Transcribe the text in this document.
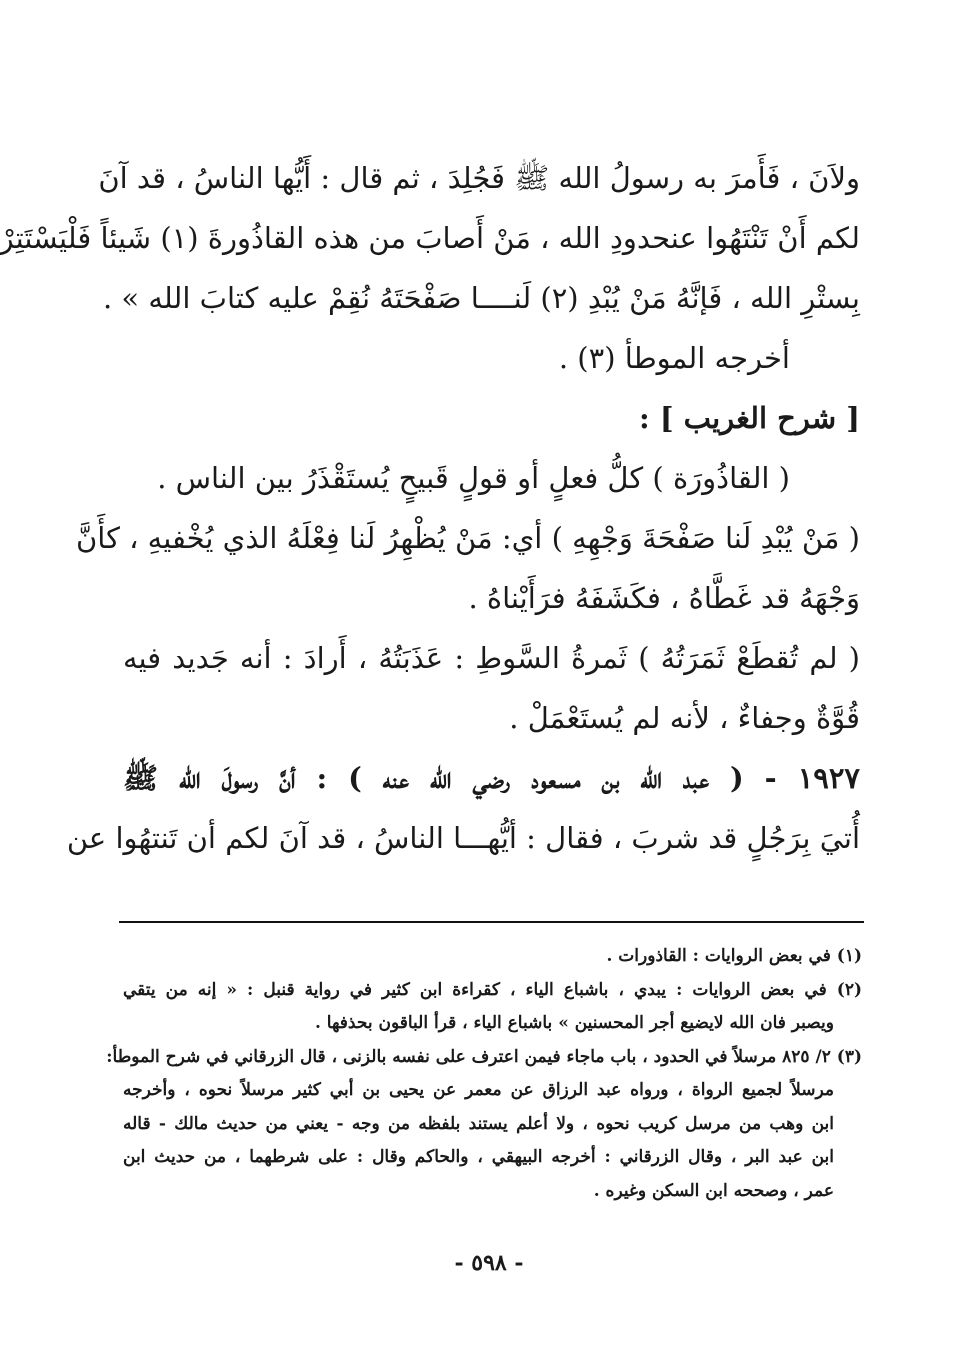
ولاَنَ ، فَأَمرَ به رسولُ الله ﷺ فَجُلِدَ ، ثم قال : أَيُّها الناسُ ، قد آنَ
لكم أَنْ تَنْتَهُوا عنحدودِ الله ، مَنْ أَصابَ من هذه القاذُورةَ (١) شَيئاً فَلْيَسْتَتِرْ
بِستْرِ الله ، فَإنَّهُ مَنْ يُبْدِ (٢) لَنــــا صَفْحَتَهُ نُقِمْ عليه كتابَ الله » .
أخرجه الموطأ (٣) .
[ شرح الغريب ] :
( القاذُورَة ) كلُّ فعلٍ أو قولٍ قَبيحٍ يُستَقْذَرُ بين الناس .
( مَنْ يُبْدِ لَنا صَفْحَةَ وَجْهِهِ ) أي: مَنْ يُظْهِرُ لَنا فِعْلَهُ الذي يُخْفيهِ ، كأَنَّ
وَجْهَهُ قد غَطَّاهُ ، فكَشَفَهُ فرَأَيْناهُ .
( لم تُقطَعْ ثَمَرَتُهُ ) ثَمرةُ السَّوطِ : عَذَبَتُهُ ، أَرادَ : أنه جَديد فيه
قُوَّةٌ وجفاءٌ ، لأنه لم يُستَعْمَلْ .
١٩٢٧ - ( عبد الله بن مسعود رضي الله عنه ) : أنَّ رسولَ الله ﷺ
أُتيَ بِرَجُلٍ قد شربَ ، فقال : أيُّهـــا الناسُ ، قد آنَ لكم أن تَنتهُوا عن
(١) في بعض الروايات : القاذورات .
(٢) في بعض الروايات : يبدي ، باشباع الياء ، كقراءة ابن كثير في رواية قنبل : « إنه من يتقي
ويصبر فان الله لايضيع أجر المحسنين » باشباع الياء ، قرأ الباقون بحذفها .
(٣) ٢/ ٨٢٥ مرسلاً في الحدود ، باب ماجاء فيمن اعترف على نفسه بالزنى ، قال الزرقاني في شرح الموطأ:
مرسلاً لجميع الرواة ، ورواه عبد الرزاق عن معمر عن يحيى بن أبي كثير مرسلاً نحوه ، وأخرجه
ابن وهب من مرسل كريب نحوه ، ولا أعلم يستند بلفظه من وجه - يعني من حديث مالك - قاله
ابن عبد البر ، وقال الزرقاني : أخرجه البيهقي ، والحاكم وقال : على شرطهما ، من حديث ابن
عمر ، وصححه ابن السكن وغيره .
- ٥٩٨ -
